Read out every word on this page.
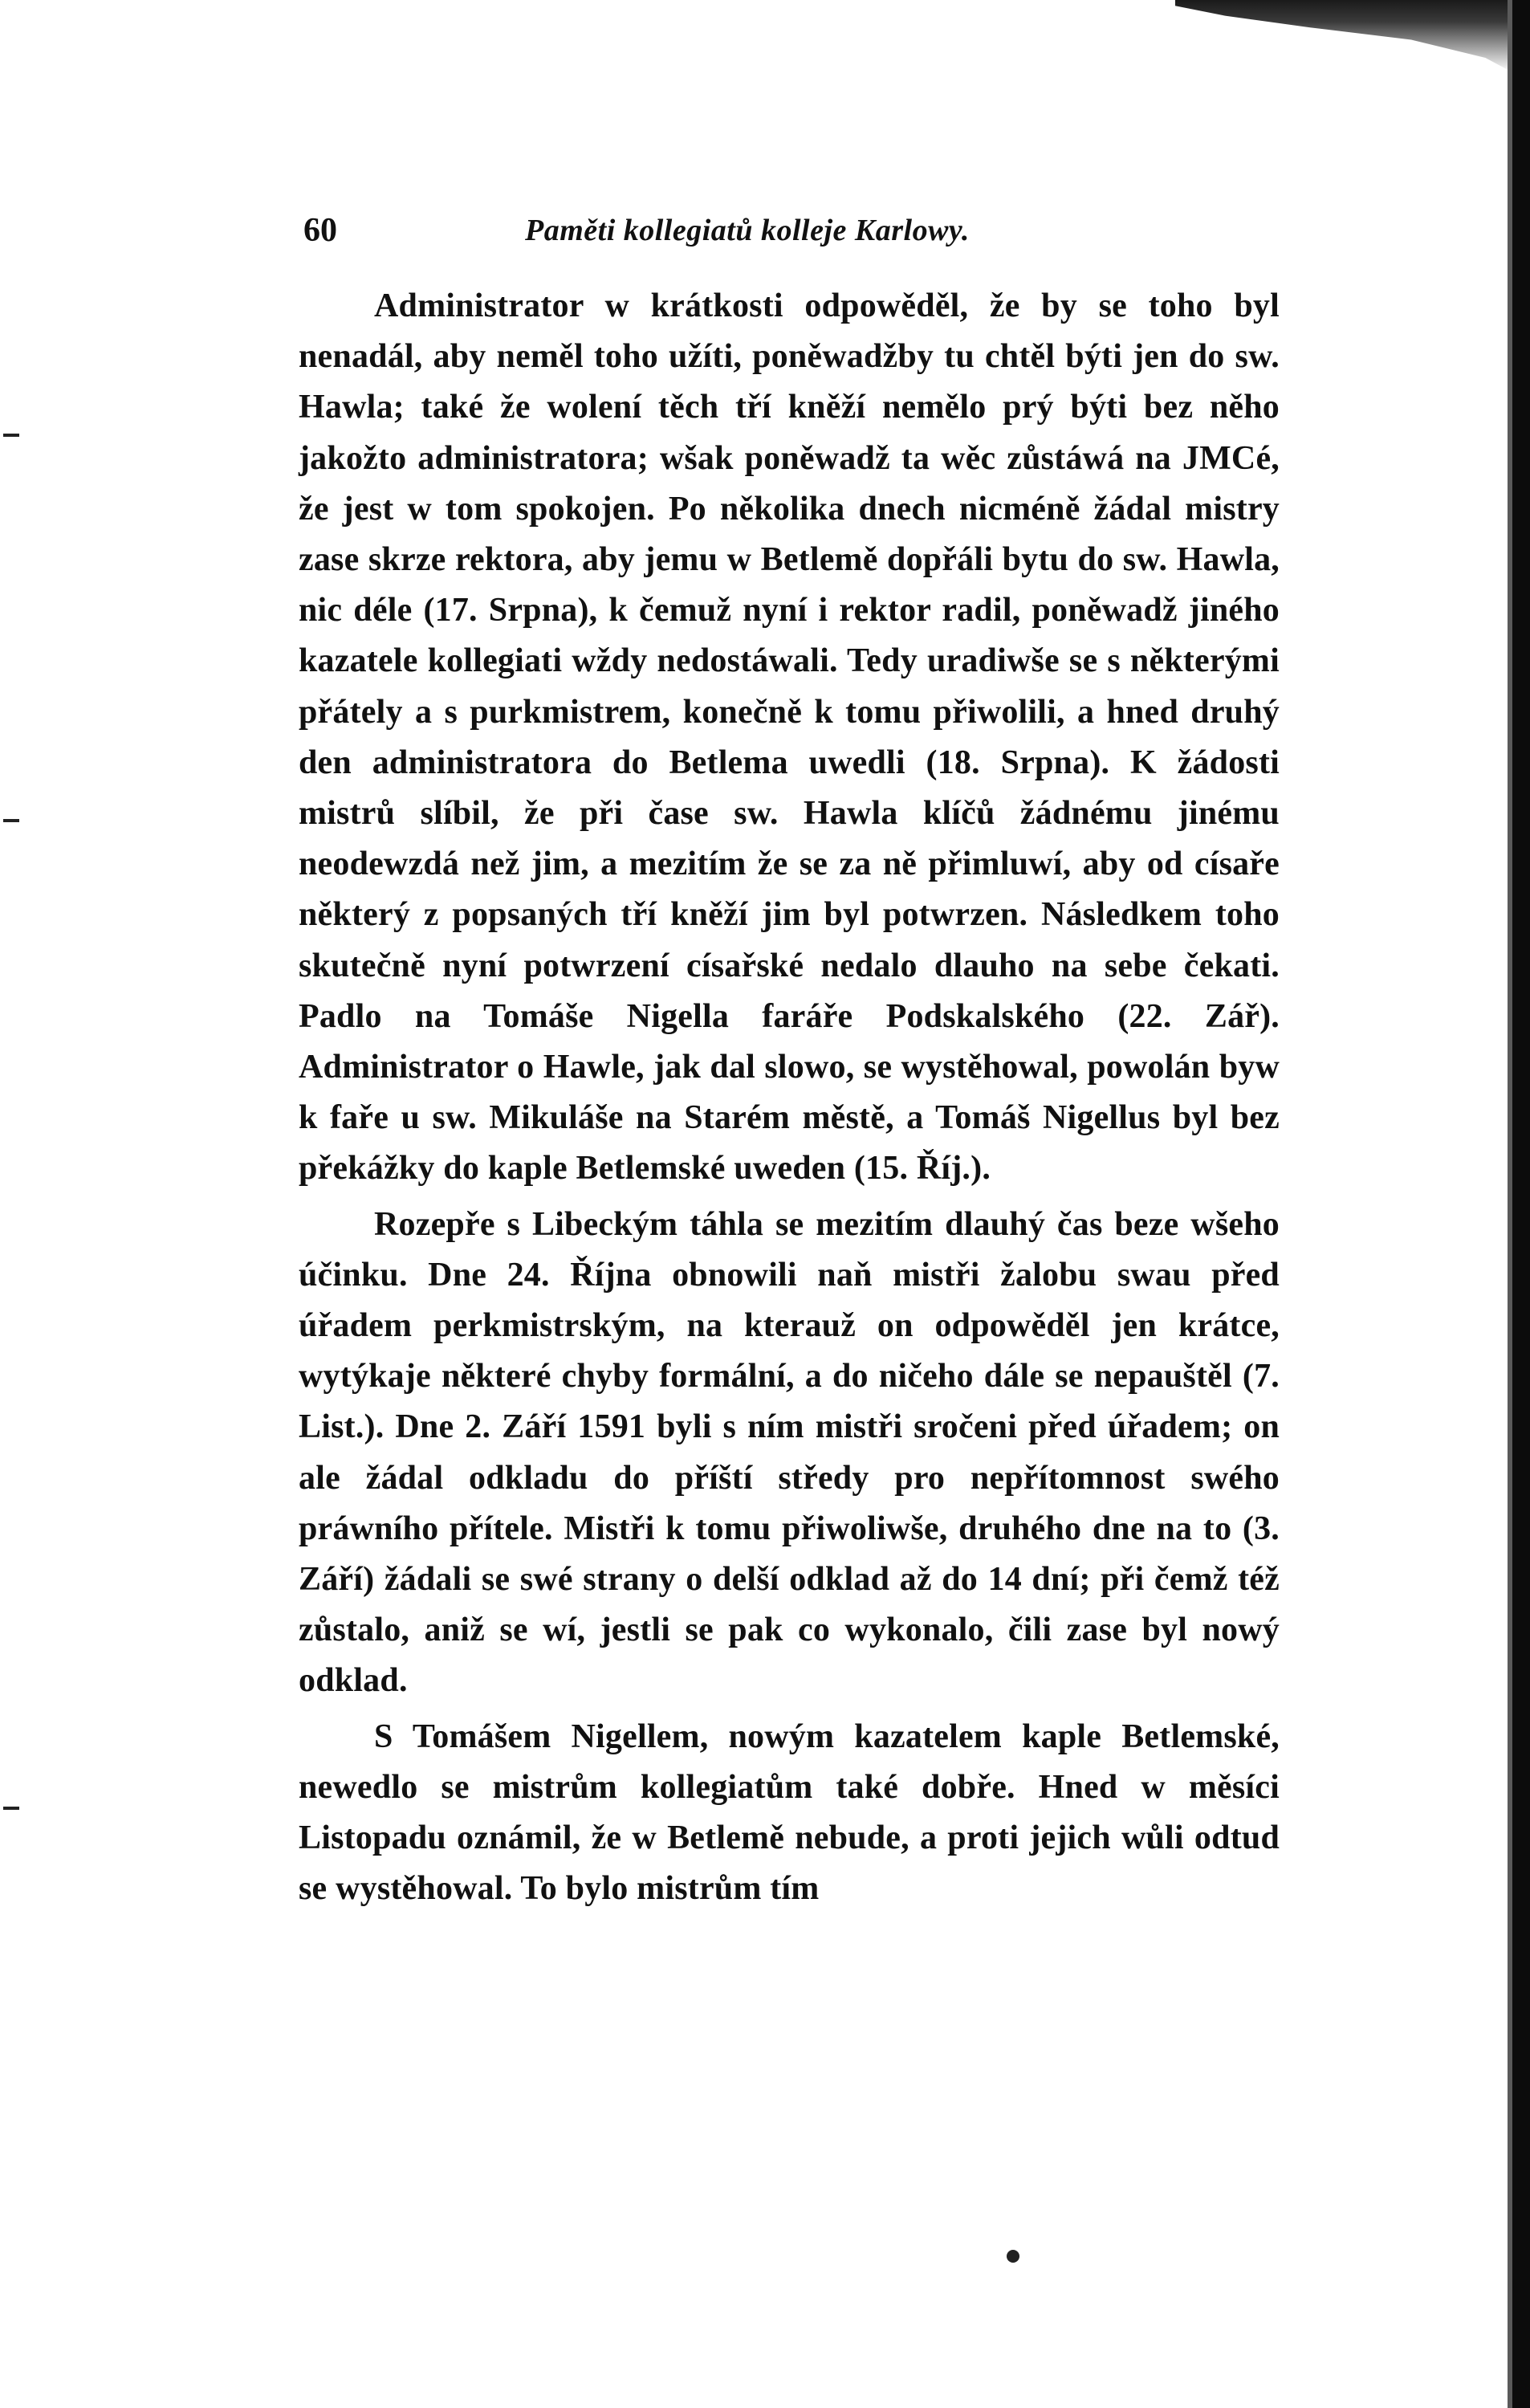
60	Paměti kollegiatů kolleje Karlowy.

Administrator w krátkosti odpowěděl, že by se toho byl nenadál, aby neměl toho užíti, poněwadžby tu chtěl býti jen do sw. Hawla; také že wolení těch tří kněží nemělo prý býti bez něho jakožto administratora; wšak poněwadž ta wěc zůstáwá na JMCé, že jest w tom spokojen. Po několika dnech nicméně žádal mistry zase skrze rektora, aby jemu w Betlemě dopřáli bytu do sw. Hawla, nic déle (17. Srpna), k čemuž nyní i rektor radil, poněwadž jiného kazatele kollegiati wždy nedostáwali. Tedy uradiwše se s některými přátely a s purkmistrem, konečně k tomu přiwolili, a hned druhý den administratora do Betlema uwedli (18. Srpna). K žádosti mistrů slíbil, že při čase sw. Hawla klíčů žádnému jinému neodewzdá než jim, a mezitím že se za ně přimluwí, aby od císaře některý z popsaných tří kněží jim byl potwrzen. Následkem toho skutečně nyní potwrzení císařské nedalo dlauho na sebe čekati. Padlo na Tomáše Nigella faráře Podskalského (22. Zář). Administrator o Hawle, jak dal slowo, se wystěhowal, powolán byw k faře u sw. Mikuláše na Starém městě, a Tomáš Nigellus byl bez překážky do kaple Betlemské uweden (15. Říj.).

Rozepře s Libeckým táhla se mezitím dlauhý čas beze wšeho účinku. Dne 24. Října obnowili naň mistři žalobu swau před úřadem perkmistrským, na kterauž on odpowěděl jen krátce, wytýkaje některé chyby formální, a do ničeho dále se nepauštěl (7. List.). Dne 2. Září 1591 byli s ním mistři sročeni před úřadem; on ale žádal odkladu do příští středy pro nepřítomnost swého práwního přítele. Mistři k tomu přiwoliwše, druhého dne na to (3. Září) žádali se swé strany o delší odklad až do 14 dní; při čemž též zůstalo, aniž se wí, jestli se pak co wykonalo, čili zase byl nowý odklad.

S Tomášem Nigellem, nowým kazatelem kaple Betlemské, newedlo se mistrům kollegiatům také dobře. Hned w měsíci Listopadu oznámil, že w Betlemě nebude, a proti jejich wůli odtud se wystěhowal. To bylo mistrům tím
